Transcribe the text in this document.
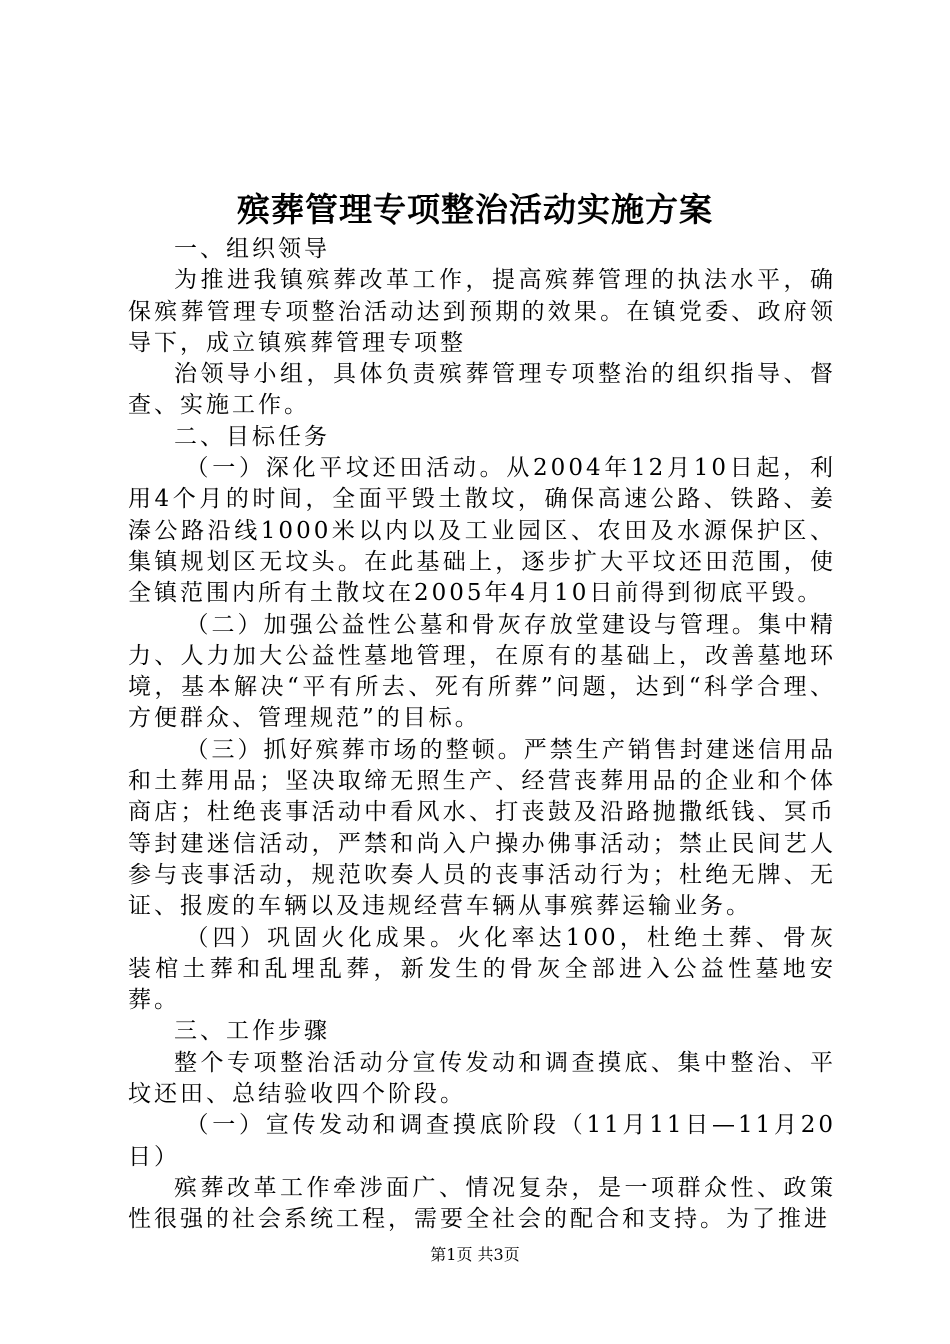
殡葬管理专项整治活动实施方案

一、组织领导

为推进我镇殡葬改革工作，提高殡葬管理的执法水平，确保殡葬管理专项整治活动达到预期的效果。在镇党委、政府领导下，成立镇殡葬管理专项整

治领导小组，具体负责殡葬管理专项整治的组织指导、督查、实施工作。

二、目标任务

（一）深化平坟还田活动。从2004年12月10日起，利用4个月的时间，全面平毁土散坟，确保高速公路、铁路、姜溱公路沿线1000米以内以及工业园区、农田及水源保护区、集镇规划区无坟头。在此基础上，逐步扩大平坟还田范围，使全镇范围内所有土散坟在2005年4月10日前得到彻底平毁。

（二）加强公益性公墓和骨灰存放堂建设与管理。集中精力、人力加大公益性墓地管理，在原有的基础上，改善墓地环境，基本解决“平有所去、死有所葬”问题，达到“科学合理、方便群众、管理规范”的目标。

（三）抓好殡葬市场的整顿。严禁生产销售封建迷信用品和土葬用品；坚决取缔无照生产、经营丧葬用品的企业和个体商店；杜绝丧事活动中看风水、打丧鼓及沿路抛撒纸钱、冥币等封建迷信活动，严禁和尚入户操办佛事活动；禁止民间艺人参与丧事活动，规范吹奏人员的丧事活动行为；杜绝无牌、无证、报废的车辆以及违规经营车辆从事殡葬运输业务。

（四）巩固火化成果。火化率达100，杜绝土葬、骨灰装棺土葬和乱埋乱葬，新发生的骨灰全部进入公益性墓地安葬。

三、工作步骤

整个专项整治活动分宣传发动和调查摸底、集中整治、平坟还田、总结验收四个阶段。

（一）宣传发动和调查摸底阶段（11月11日—11月20日）

殡葬改革工作牵涉面广、情况复杂，是一项群众性、政策性很强的社会系统工程，需要全社会的配合和支持。为了推进

第1页 共3页
